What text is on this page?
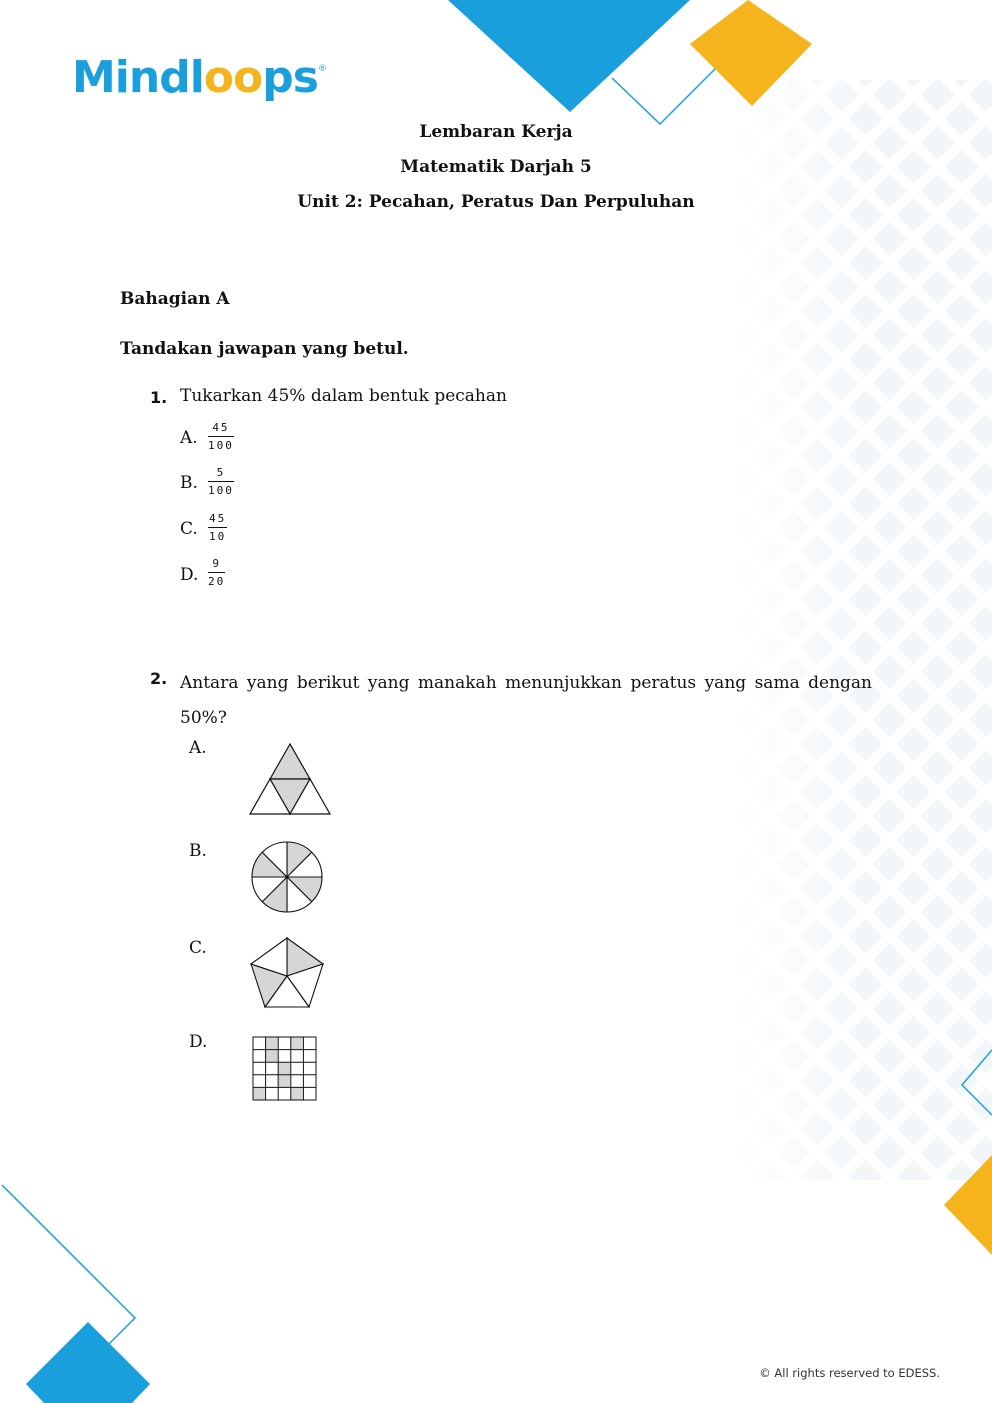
Mindloops®
Lembaran Kerja
Matematik Darjah 5
Unit 2: Pecahan, Peratus Dan Perpuluhan
Bahagian A
Tandakan jawapan yang betul.
1. Tukarkan 45% dalam bentuk pecahan
A. $\frac{45}{100}$
B. $\frac{5}{100}$
C. $\frac{45}{10}$
D. $\frac{9}{20}$
2. Antara yang berikut yang manakah menunjukkan peratus yang sama dengan 50%?
A.
B.
C.
D.
© All rights reserved to EDESS.
